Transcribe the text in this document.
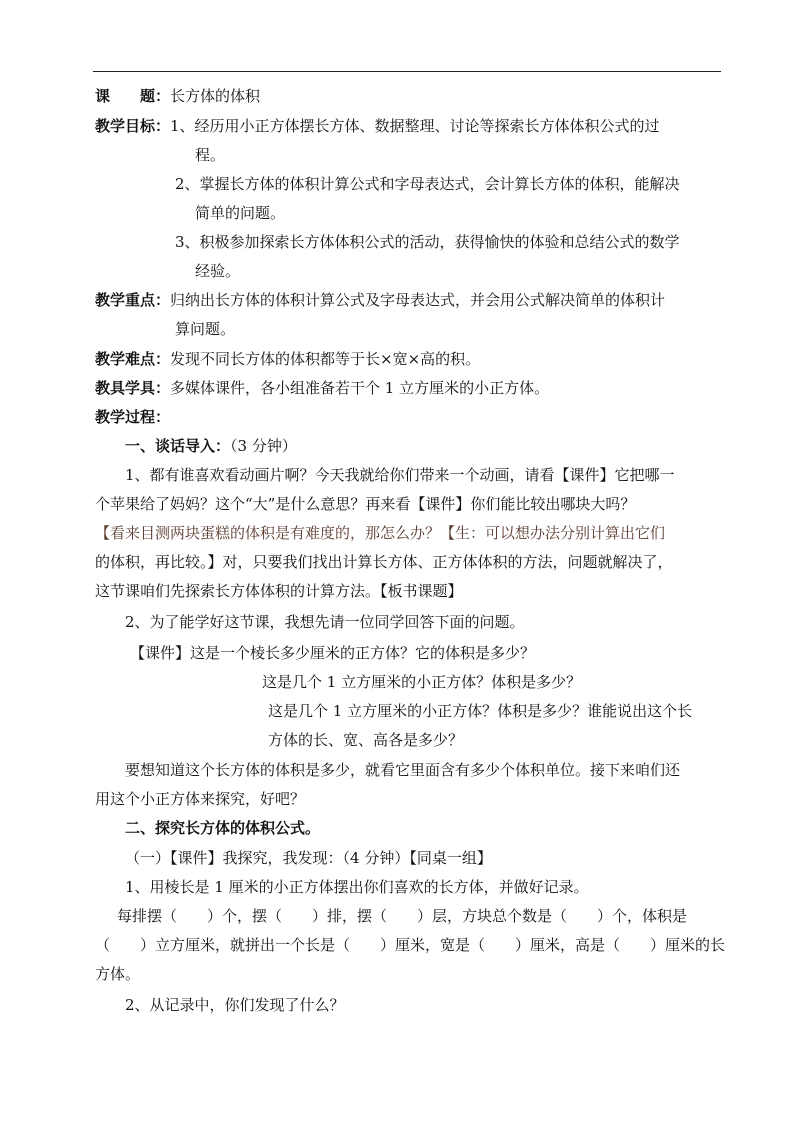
课　　题：长方体的体积
教学目标：1、经历用小正方体摆长方体、数据整理、讨论等探索长方体体积公式的过
程。
2、掌握长方体的体积计算公式和字母表达式，会计算长方体的体积，能解决
简单的问题。
3、积极参加探索长方体体积公式的活动，获得愉快的体验和总结公式的数学
经验。
教学重点：归纳出长方体的体积计算公式及字母表达式，并会用公式解决简单的体积计
算问题。
教学难点：发现不同长方体的体积都等于长×宽×高的积。
教具学具：多媒体课件，各小组准备若干个 1 立方厘米的小正方体。
教学过程：
一、谈话导入：（3 分钟）
1、都有谁喜欢看动画片啊？今天我就给你们带来一个动画，请看【课件】它把哪一
个苹果给了妈妈？这个“大”是什么意思？再来看【课件】你们能比较出哪块大吗？
【看来目测两块蛋糕的体积是有难度的，那怎么办？【生：可以想办法分别计算出它们
的体积，再比较。】对，只要我们找出计算长方体、正方体体积的方法，问题就解决了，
这节课咱们先探索长方体体积的计算方法。【板书课题】
2、为了能学好这节课，我想先请一位同学回答下面的问题。
【课件】这是一个棱长多少厘米的正方体？它的体积是多少？
这是几个 1 立方厘米的小正方体？体积是多少？
这是几个 1 立方厘米的小正方体？体积是多少？谁能说出这个长
方体的长、宽、高各是多少？
要想知道这个长方体的体积是多少，就看它里面含有多少个体积单位。接下来咱们还
用这个小正方体来探究，好吧？
二、探究长方体的体积公式。
（一）【课件】我探究，我发现：（4 分钟）【同桌一组】
1、用棱长是 1 厘米的小正方体摆出你们喜欢的长方体，并做好记录。
每排摆（　　）个，摆（　　）排，摆（　　）层，方块总个数是（　　）个，体积是
（　　）立方厘米，就拼出一个长是（　　）厘米，宽是（　　）厘米，高是（　　）厘米的长
方体。
2、从记录中，你们发现了什么？
